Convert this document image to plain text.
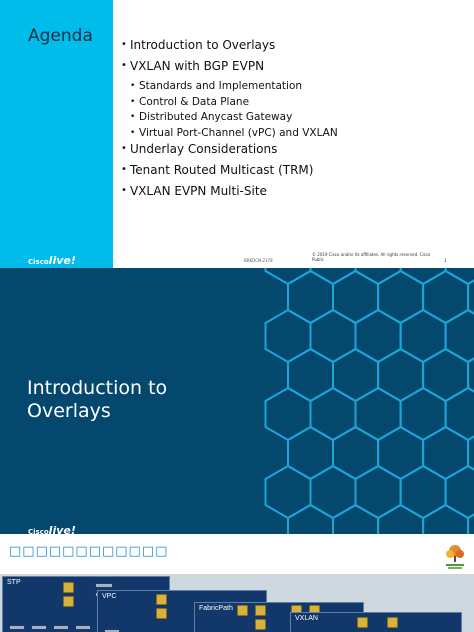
Agenda
Ciscolive!
• Introduction to Overlays
• VXLAN with BGP EVPN
• Standards and Implementation
• Control & Data Plane
• Distributed Anycast Gateway
• Virtual Port-Channel (vPC) and VXLAN
• Underlay Considerations
• Tenant Routed Multicast (TRM)
• VXLAN EVPN Multi-Site
BRKDCN-2378
© 2019 Cisco and/or its affiliates. All rights reserved. Cisco Public	1
Introduction to
Overlays
Ciscolive!
□□□□□□□□□□□□
STP
VPC
FabricPath
VXLAN
